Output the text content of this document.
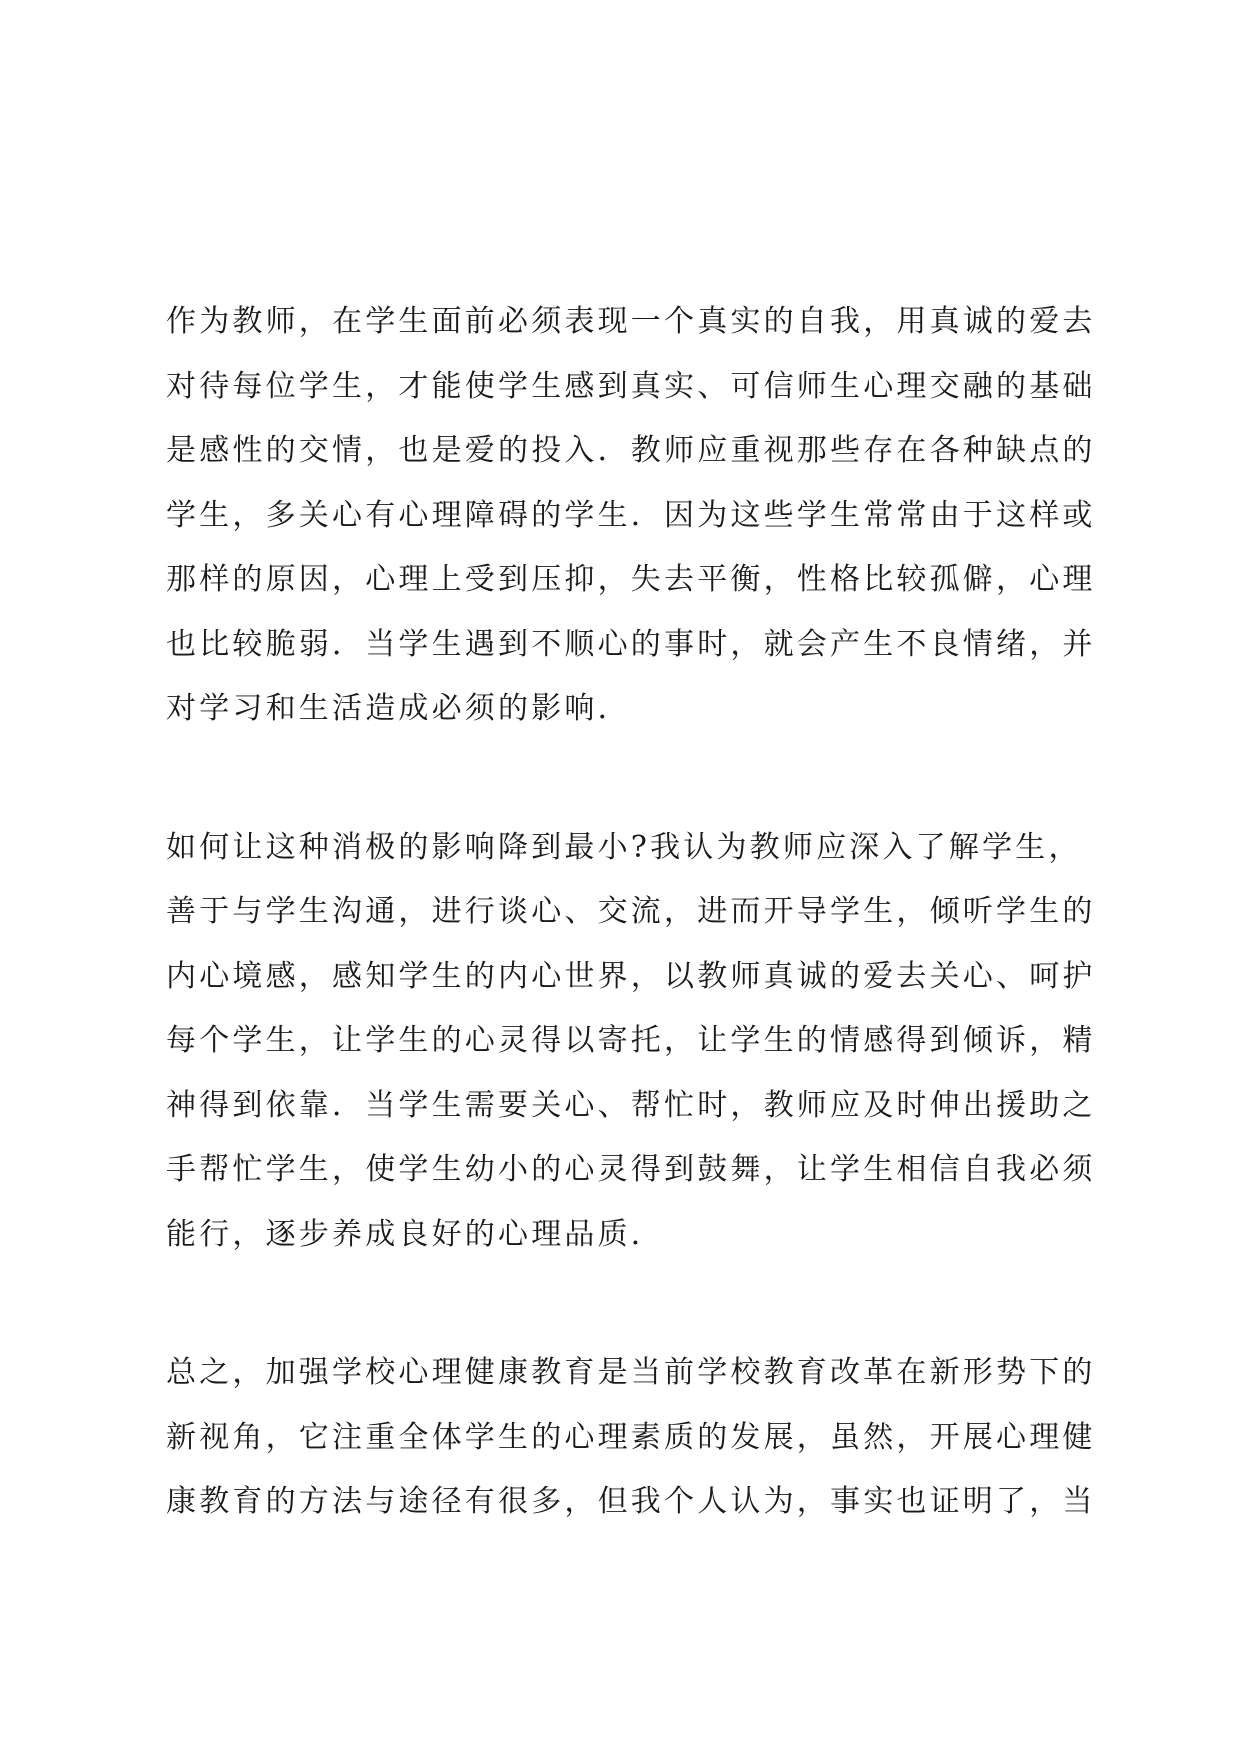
作为教师，在学生面前必须表现一个真实的自我，用真诚的爱去
对待每位学生，才能使学生感到真实、可信师生心理交融的基础
是感性的交情，也是爱的投入．教师应重视那些存在各种缺点的
学生，多关心有心理障碍的学生．因为这些学生常常由于这样或
那样的原因，心理上受到压抑，失去平衡，性格比较孤僻，心理
也比较脆弱．当学生遇到不顺心的事时，就会产生不良情绪，并
对学习和生活造成必须的影响．
如何让这种消极的影响降到最小?我认为教师应深入了解学生，
善于与学生沟通，进行谈心、交流，进而开导学生，倾听学生的
内心境感，感知学生的内心世界，以教师真诚的爱去关心、呵护
每个学生，让学生的心灵得以寄托，让学生的情感得到倾诉，精
神得到依靠．当学生需要关心、帮忙时，教师应及时伸出援助之
手帮忙学生，使学生幼小的心灵得到鼓舞，让学生相信自我必须
能行，逐步养成良好的心理品质．
总之，加强学校心理健康教育是当前学校教育改革在新形势下的
新视角，它注重全体学生的心理素质的发展，虽然，开展心理健
康教育的方法与途径有很多，但我个人认为，事实也证明了，当
